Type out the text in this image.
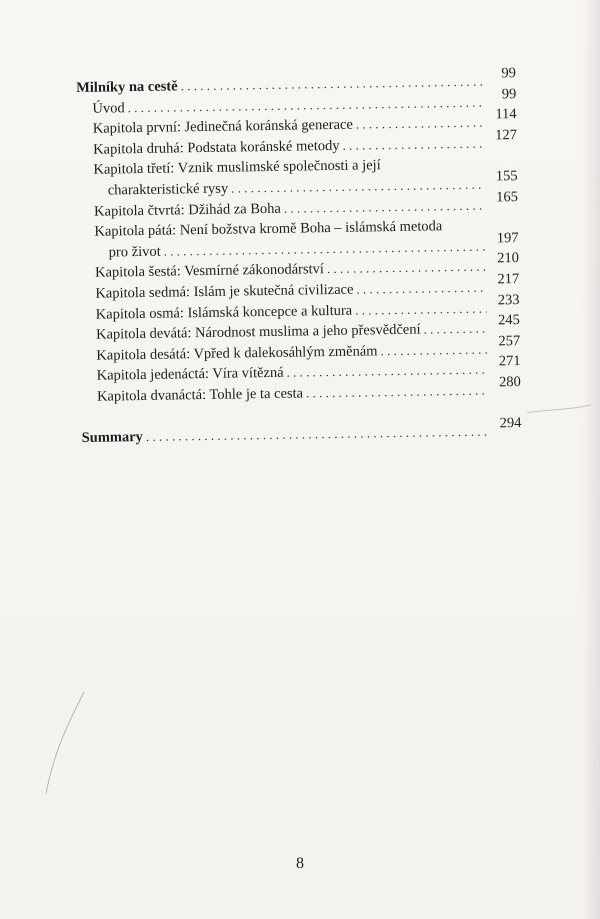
Milníky na cestě
. . .
99
Úvod
. . .
99
Kapitola první: Jedinečná koránská generace
. . .
114
Kapitola druhá: Podstata koránské metody
. . .
127
Kapitola třetí: Vznik muslimské společnosti a její
charakteristické rysy
. . .
155
Kapitola čtvrtá: Džihád za Boha
. . .
165
Kapitola pátá: Není božstva kromě Boha – islámská metoda
pro život
. . .
197
Kapitola šestá: Vesmírné zákonodárství
. . .
210
Kapitola sedmá: Islám je skutečná civilizace
. . .
217
Kapitola osmá: Islámská koncepce a kultura
. . .
233
Kapitola devátá: Národnost muslima a jeho přesvědčení
. . .
245
Kapitola desátá: Vpřed k dalekosáhlým změnám
. . .
257
Kapitola jedenáctá: Víra vítězná
. . .
271
Kapitola dvanáctá: Tohle je ta cesta
. . .
280
Summary
. . .
294
8
